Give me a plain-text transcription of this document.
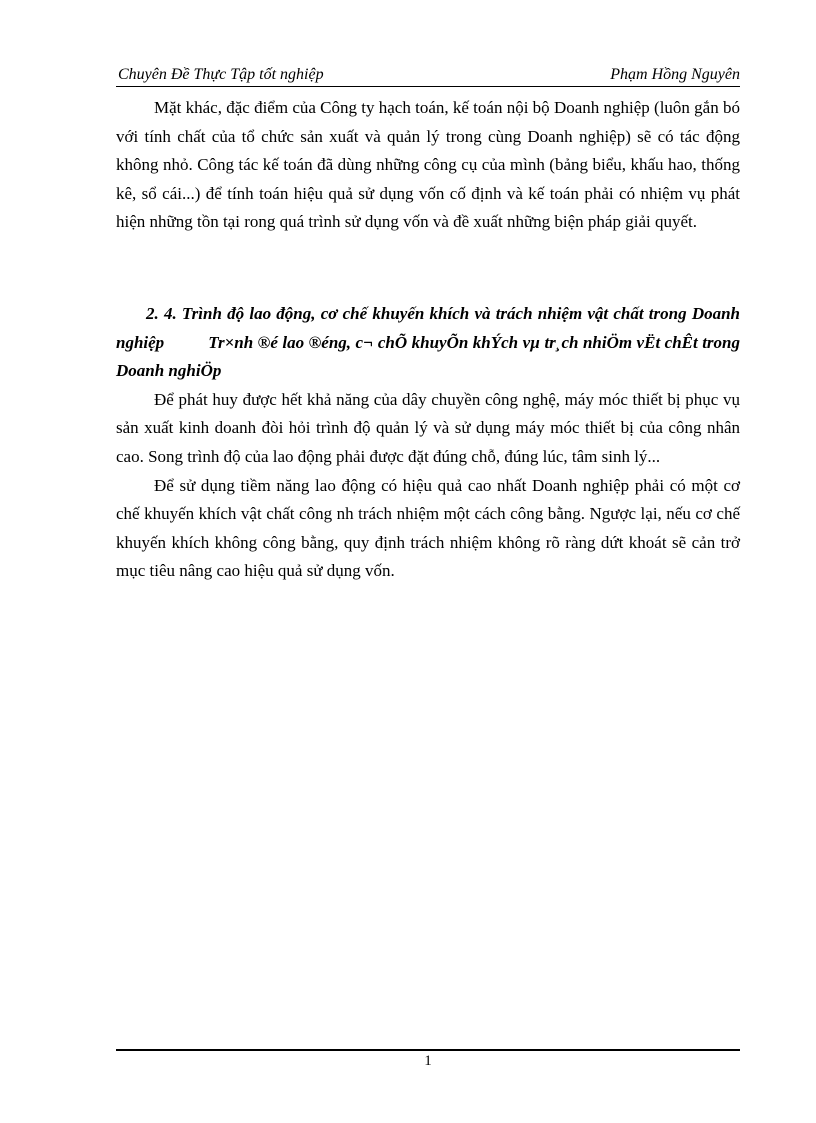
Chuyên Đề Thực Tập tốt nghiệp	Phạm Hồng Nguyên

Mặt khác, đặc điểm của Công ty hạch toán, kế toán nội bộ Doanh nghiệp (luôn gắn bó với tính chất của tổ chức sản xuất và quản lý trong cùng Doanh nghiệp) sẽ có tác động không nhỏ. Công tác kế toán đã dùng những công cụ của mình (bảng biểu, khấu hao, thống kê, sổ cái...) để tính toán hiệu quả sử dụng vốn cố định và kế toán phải có nhiệm vụ phát hiện những tồn tại rong quá trình sử dụng vốn và đề xuất những biện pháp giải quyết.

2. 4. Trình độ lao động, cơ chế khuyến khích và trách nhiệm vật chất trong Doanh nghiệp	Tr×nh ®é lao ®éng, c¬ chÕ khuyÕn khÝch vµ tr¸ch nhiÖm vËt chÊt trong Doanh nghiÖp

Để phát huy được hết khả năng của dây chuyền công nghệ, máy móc thiết bị phục vụ sản xuất kinh doanh đòi hỏi trình độ quản lý và sử dụng máy móc thiết bị của công nhân cao. Song trình độ của lao động phải được đặt đúng chỗ, đúng lúc, tâm sinh lý...

Để sử dụng tiềm năng lao động có hiệu quả cao nhất Doanh nghiệp phải có một cơ chế khuyến khích vật chất công nh trách nhiệm một cách công bằng. Ngược lại, nếu cơ chế khuyến khích không công bằng, quy định trách nhiệm không rõ ràng dứt khoát sẽ cản trở mục tiêu nâng cao hiệu quả sử dụng vốn.

1
